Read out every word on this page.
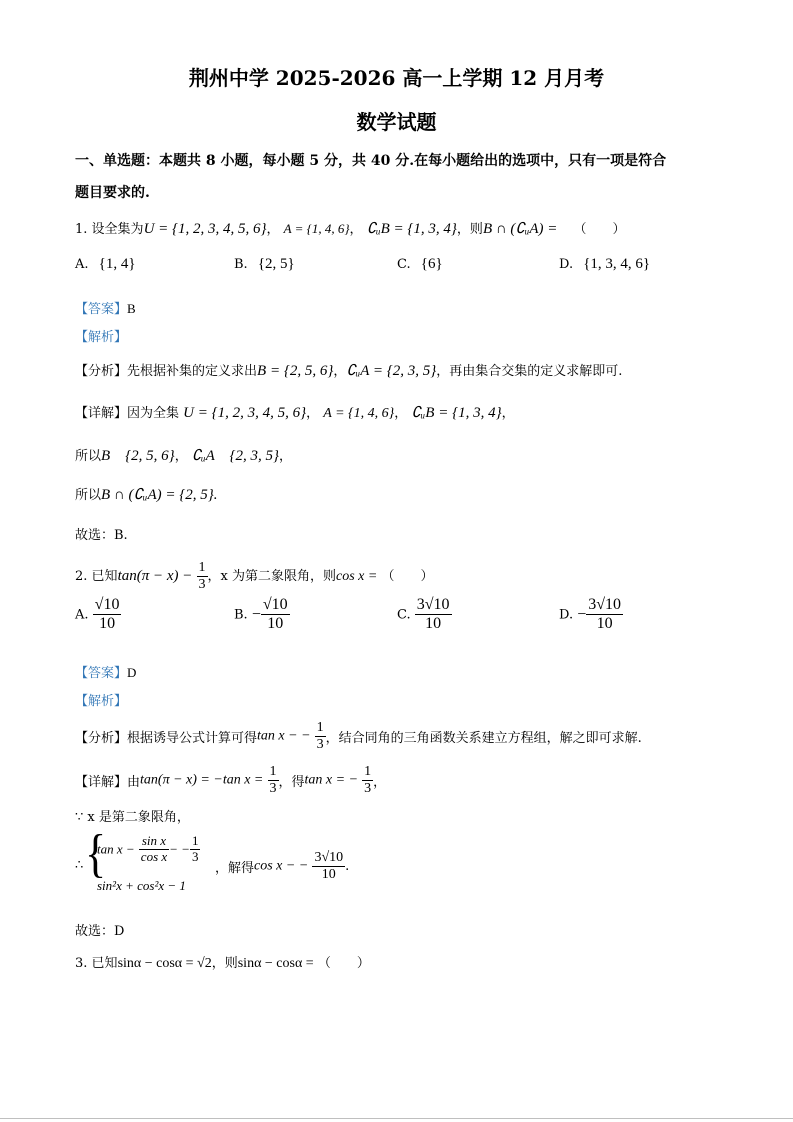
荆州中学 2025-2026 高一上学期 12 月月考
数学试题
一、单选题：本题共 8 小题，每小题 5 分，共 40 分.在每小题给出的选项中，只有一项是符合
题目要求的.
1. 设全集为U = {1, 2, 3, 4, 5, 6}， A = {1, 4, 6}， ∁ᵤB = {1, 3, 4}，则B ∩ (∁ᵤA) = （　　）
A. {1, 4}	B. {2, 5}	C. {6}	D. {1, 3, 4, 6}
【答案】B
【解析】
【分析】先根据补集的定义求出B = {2, 5, 6}，∁ᵤA = {2, 3, 5}，再由集合交集的定义求解即可.
【详解】因为全集 U = {1, 2, 3, 4, 5, 6}， A = {1, 4, 6}， ∁ᵤB = {1, 3, 4}，
所以B　{2, 5, 6}， ∁ᵤA　{2, 3, 5}，
所以B ∩ (∁ᵤA) = {2, 5}.
故选：B.
2. 已知$\tan(\pi - x) - \frac{1}{3}$ ，x 为第二象限角，则cos x = （　　）
A. $\frac{√10}{10}$	B. − $\frac{√10}{10}$	C. $\frac{3√10}{10}$	D. − $\frac{3√10}{10}$
【答案】D
【解析】
【分析】根据诱导公式计算可得tan x − − $\frac{1}{3}$ ，结合同角的三角函数关系建立方程组，解之即可求解.
【详解】由tan(π − x) = −tan $x = \frac{1}{3}$ ，得tan x = − $\frac{1}{3}$ ，
∵ x 是第二象限角，
∴ {
$\tan x - \frac{\text{sin x}}{\text{cos x}}$ − − $\frac{1}{3}$
sin²x + cos²x − 1
，解得cos x − − $\frac{3√10}{10}$ .
故选：D
3. 已知sinα − cosα = √2，则sinα − cosα = （　　）
